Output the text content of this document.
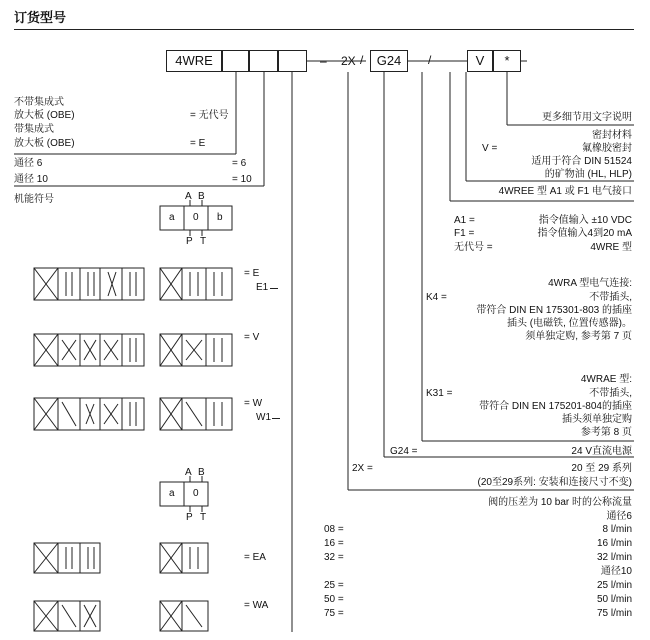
订货型号
4WRE	– 2X /	G24	/	V	*
不带集成式
放大板 (OBE)	= 无代号
带集成式
放大板 (OBE)	= E
通径 6	= 6
通径 10	= 10
机能符号	A B
a 0 b
P T
= E
E1
= V
= W
W1
A B
a 0
P T
= EA
= WA
更多细节用文字说明
密封材料
V =	氟橡胶密封
适用于符合 DIN 51524
的矿物油 (HL, HLP)
4WREE 型 A1 或 F1 电气接口
A1 =	指令值输入 ±10 VDC
F1 =	指令值输入4到20 mA
无代号 =	4WRE 型
4WRA 型电气连接:
K4 =	不带插头,
带符合 DIN EN 175301-803 的插座
插头 (电磁铁, 位置传感器)。
须单独定购, 参考第 7 页
4WRAE 型:
K31 =	不带插头,
带符合 DIN EN 175201-804的插座
插头须单独定购
参考第 8 页
G24 =	24 V直流电源
2X =	20 至 29 系列
(20至29系列: 安装和连接尺寸不变)
阀的压差为 10 bar 时的公称流量
通径6
08 =	8 l/min
16 =	16 l/min
32 =	32 l/min
通径10
25 =	25 l/min
50 =	50 l/min
75 =	75 l/min
